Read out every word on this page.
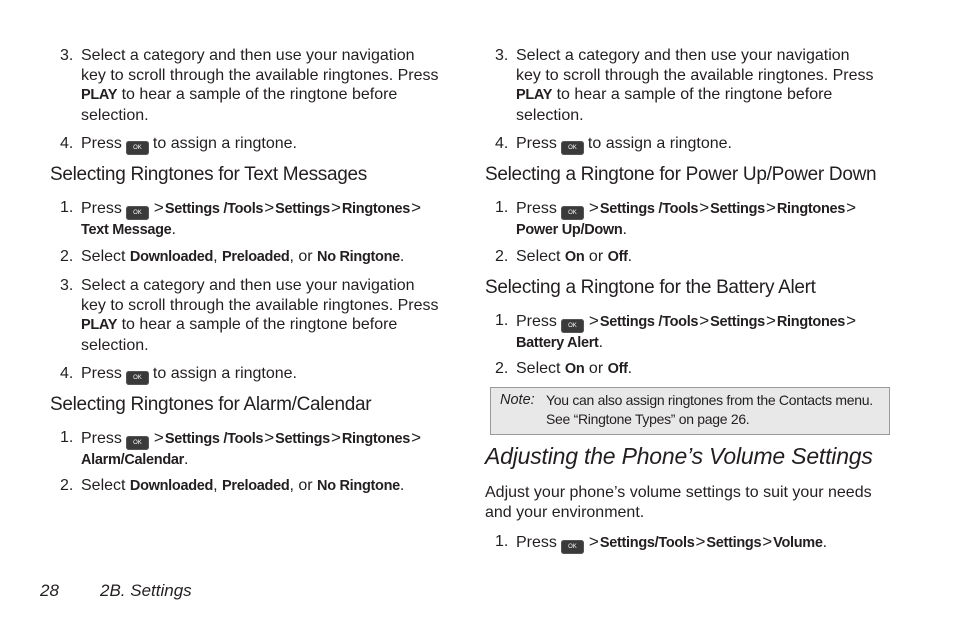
3. Select a category and then use your navigation
key to scroll through the available ringtones. Press
PLAY to hear a sample of the ringtone before
selection.
4. Press OK to assign a ringtone.
Selecting Ringtones for Text Messages
1. Press OK >Settings /Tools>Settings>Ringtones>
Text Message.
2. Select Downloaded, Preloaded, or No Ringtone.
3. Select a category and then use your navigation
key to scroll through the available ringtones. Press
PLAY to hear a sample of the ringtone before
selection.
4. Press OK to assign a ringtone.
Selecting Ringtones for Alarm/Calendar
1. Press OK >Settings /Tools>Settings>Ringtones>
Alarm/Calendar.
2. Select Downloaded, Preloaded, or No Ringtone.
3. Select a category and then use your navigation
key to scroll through the available ringtones. Press
PLAY to hear a sample of the ringtone before
selection.
4. Press OK to assign a ringtone.
Selecting a Ringtone for Power Up/Power Down
1. Press OK >Settings /Tools>Settings>Ringtones>
Power Up/Down.
2. Select On or Off.
Selecting a Ringtone for the Battery Alert
1. Press OK >Settings /Tools>Settings>Ringtones>
Battery Alert.
2. Select On or Off.
Note: You can also assign ringtones from the Contacts menu.
See “Ringtone Types” on page 26.
Adjusting the Phone’s Volume Settings
Adjust your phone’s volume settings to suit your needs
and your environment.
1. Press OK >Settings/Tools>Settings>Volume.
28 2B. Settings
